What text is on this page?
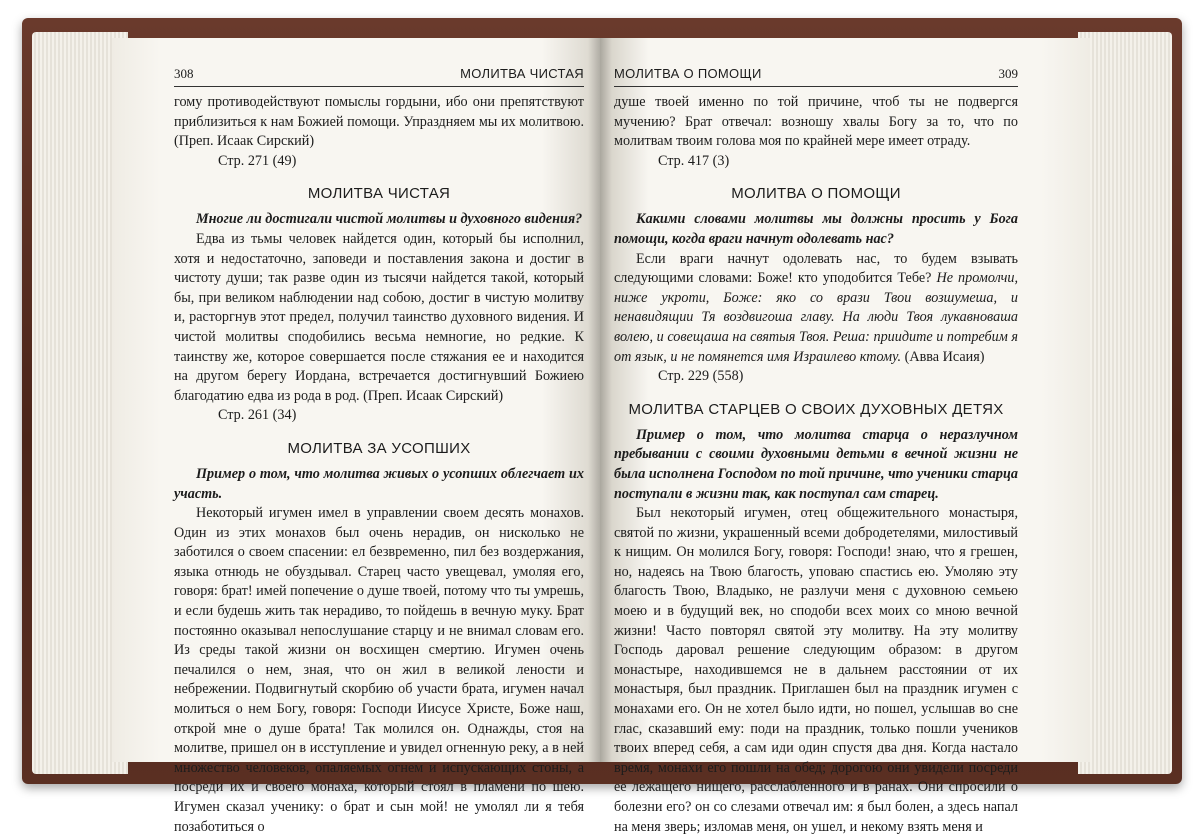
308	МОЛИТВА ЧИСТАЯ

гому противодействуют помыслы гордыни, ибо они препятствуют приблизиться к нам Божией помощи. Упраздняем мы их молитвою. (Преп. Исаак Сирский)

Стр. 271 (49)

МОЛИТВА ЧИСТАЯ

Многие ли достигали чистой молитвы и духовного видения?

Едва из тьмы человек найдется один, который бы исполнил, хотя и недостаточно, заповеди и поставления закона и достиг в чистоту души; так разве один из тысячи найдется такой, который бы, при великом наблюдении над собою, достиг в чистую молитву и, расторгнув этот предел, получил таинство духовного видения. И чистой молитвы сподобились весьма немногие, но редкие. К таинству же, которое совершается после стяжания ее и находится на другом берегу Иордана, встречается достигнувший Божиею благодатию едва из рода в род. (Преп. Исаак Сирский)

Стр. 261 (34)

МОЛИТВА ЗА УСОПШИХ

Пример о том, что молитва живых о усопших облегчает их участь.

Некоторый игумен имел в управлении своем десять монахов. Один из этих монахов был очень нерадив, он нисколько не заботился о своем спасении: ел безвременно, пил без воздержания, языка отнюдь не обуздывал. Старец часто увещевал, умоляя его, говоря: брат! имей попечение о душе твоей, потому что ты умрешь, и если будешь жить так нерадиво, то пойдешь в вечную муку. Брат постоянно оказывал непослушание старцу и не внимал словам его. Из среды такой жизни он восхищен смертию. Игумен очень печалился о нем, зная, что он жил в великой лености и небрежении. Подвигнутый скорбию об участи брата, игумен начал молиться о нем Богу, говоря: Господи Иисусе Христе, Боже наш, открой мне о душе брата! Так молился он. Однажды, стоя на молитве, пришел он в исступление и увидел огненную реку, а в ней множество человеков, опаляемых огнем и испускающих стоны, а посреди их и своего монаха, который стоял в пламени по шею. Игумен сказал ученику: о брат и сын мой! не умолял ли я тебя позаботиться о

МОЛИТВА О ПОМОЩИ	309

душе твоей именно по той причине, чтоб ты не подвергся мучению? Брат отвечал: возношу хвалы Богу за то, что по молитвам твоим голова моя по крайней мере имеет отраду.

Стр. 417 (3)

МОЛИТВА О ПОМОЩИ

Какими словами молитвы мы должны просить у Бога помощи, когда враги начнут одолевать нас?

Если враги начнут одолевать нас, то будем взывать следующими словами: Боже! кто уподобится Тебе? Не промолчи, ниже укроти, Боже: яко со врази Твои возшумеша, и ненавидящии Тя воздвигоша главу. На люди Твоя лукавноваша волею, и совещаша на святыя Твоя. Реша: приидите и потребим я от язык, и не помянется имя Израилево ктому. (Авва Исаия)

Стр. 229 (558)

МОЛИТВА СТАРЦЕВ О СВОИХ ДУХОВНЫХ ДЕТЯХ

Пример о том, что молитва старца о неразлучном пребывании с своими духовными детьми в вечной жизни не была исполнена Господом по той причине, что ученики старца поступали в жизни так, как поступал сам старец.

Был некоторый игумен, отец общежительного монастыря, святой по жизни, украшенный всеми добродетелями, милостивый к нищим. Он молился Богу, говоря: Господи! знаю, что я грешен, но, надеясь на Твою благость, уповаю спастись ею. Умоляю эту благость Твою, Владыко, не разлучи меня с духовною семьею моею и в будущий век, но сподоби всех моих со мною вечной жизни! Часто повторял святой эту молитву. На эту молитву Господь даровал решение следующим образом: в другом монастыре, находившемся не в дальнем расстоянии от их монастыря, был праздник. Приглашен был на праздник игумен с монахами его. Он не хотел было идти, но пошел, услышав во сне глас, сказавший ему: поди на праздник, только пошли учеников твоих вперед себя, а сам иди один спустя два дня. Когда настало время, монахи его пошли на обед; дорогою они увидели посреди ее лежащего нищего, расслабленного и в ранах. Они спросили о болезни его? он со слезами отвечал им: я был болен, а здесь напал на меня зверь; изломав меня, он ушел, и некому взять меня и
